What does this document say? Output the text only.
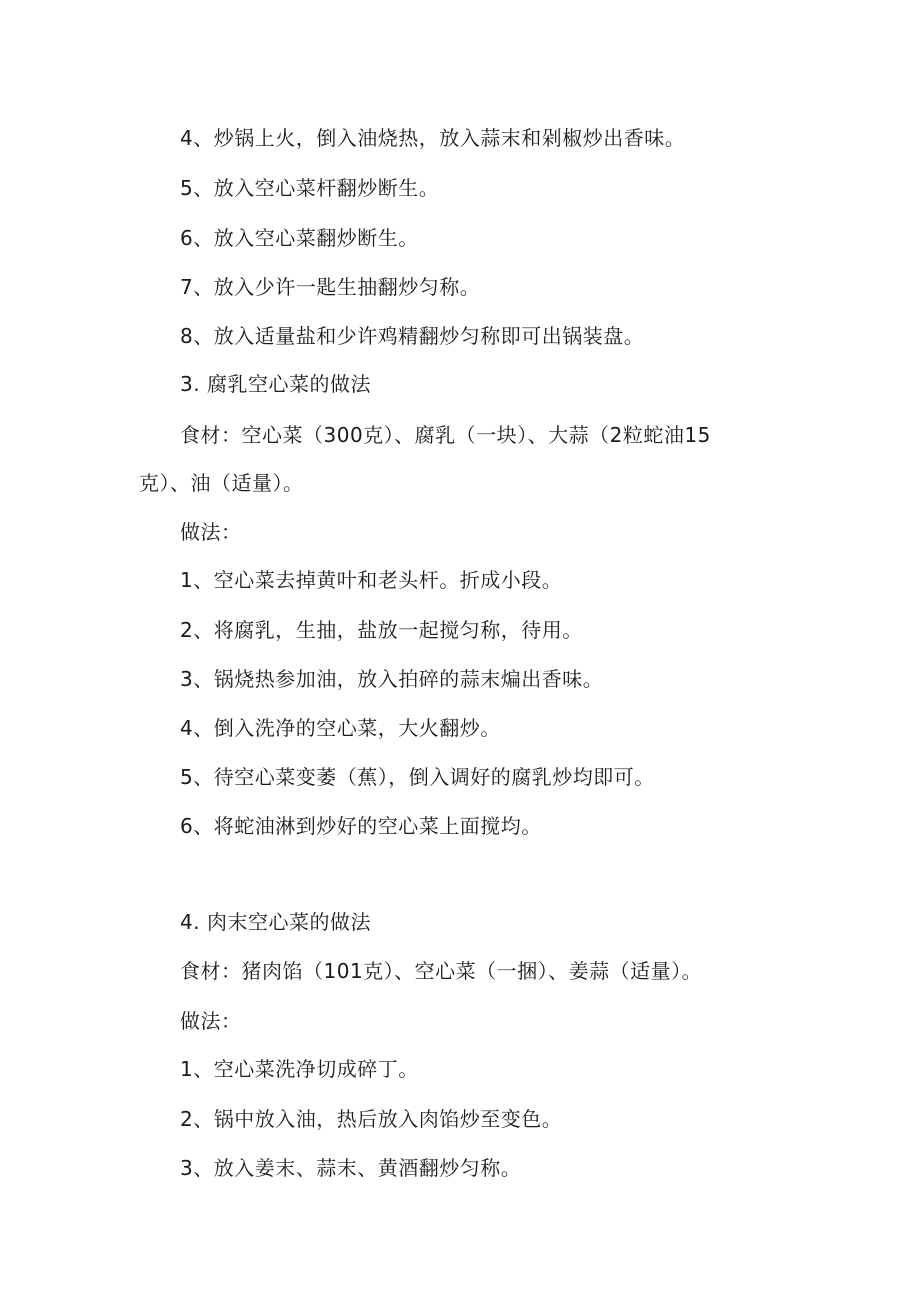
4、炒锅上火，倒入油烧热，放入蒜末和剁椒炒出香味。
5、放入空心菜杆翻炒断生。
6、放入空心菜翻炒断生。
7、放入少许一匙生抽翻炒匀称。
8、放入适量盐和少许鸡精翻炒匀称即可出锅装盘。
3. 腐乳空心菜的做法
食材：空心菜（300克）、腐乳（一块）、大蒜（2粒蛇油15
克）、油（适量）。
做法：
1、空心菜去掉黄叶和老头杆。折成小段。
2、将腐乳，生抽，盐放一起搅匀称，待用。
3、锅烧热参加油，放入拍碎的蒜末煸出香味。
4、倒入洗净的空心菜，大火翻炒。
5、待空心菜变萎（蕉），倒入调好的腐乳炒均即可。
6、将蛇油淋到炒好的空心菜上面搅均。
4. 肉末空心菜的做法
食材：猪肉馅（101克）、空心菜（一捆）、姜蒜（适量）。
做法：
1、空心菜洗净切成碎丁。
2、锅中放入油，热后放入肉馅炒至变色。
3、放入姜末、蒜末、黄酒翻炒匀称。
